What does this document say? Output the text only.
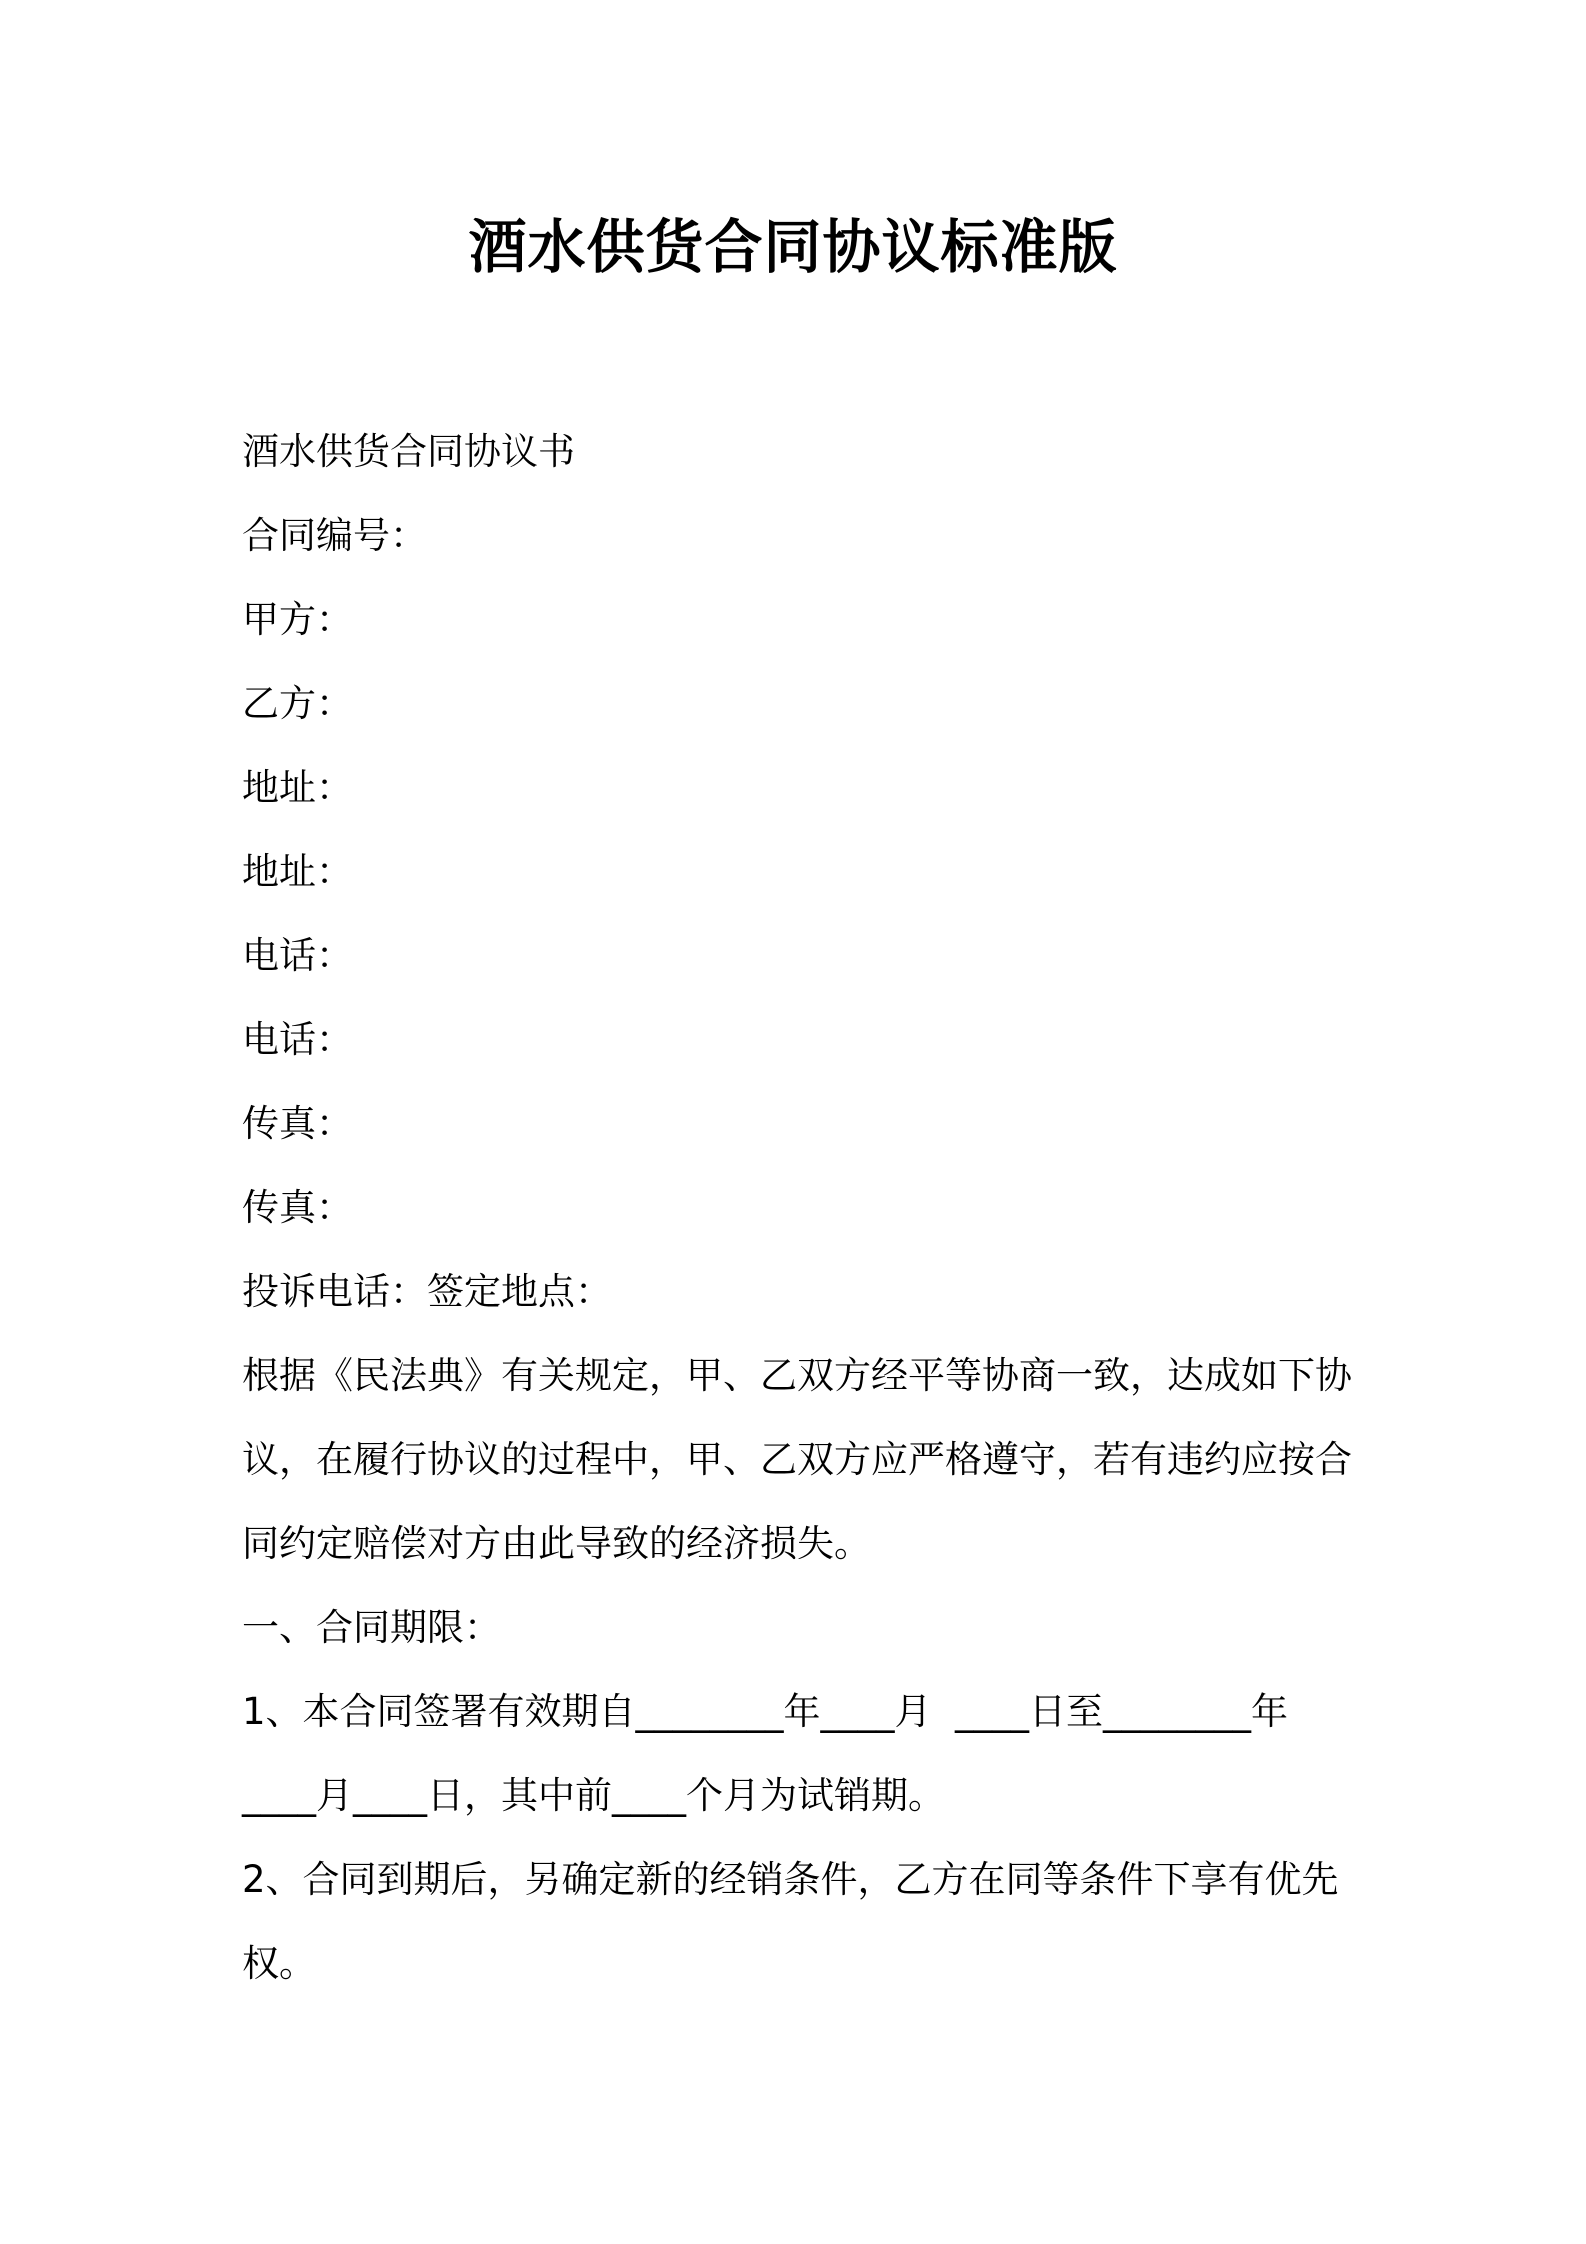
酒水供货合同协议标准版
酒水供货合同协议书
合同编号：
甲方：
乙方：
地址：
地址：
电话：
电话：
传真：
传真：
投诉电话：签定地点：
根据《民法典》有关规定，甲、乙双方经平等协商一致，达成如下协
议，在履行协议的过程中，甲、乙双方应严格遵守，若有违约应按合
同约定赔偿对方由此导致的经济损失。
一、合同期限：
1、本合同签署有效期自________年____月  ____日至________年
____月____日，其中前____个月为试销期。
2、合同到期后，另确定新的经销条件，乙方在同等条件下享有优先
权。
